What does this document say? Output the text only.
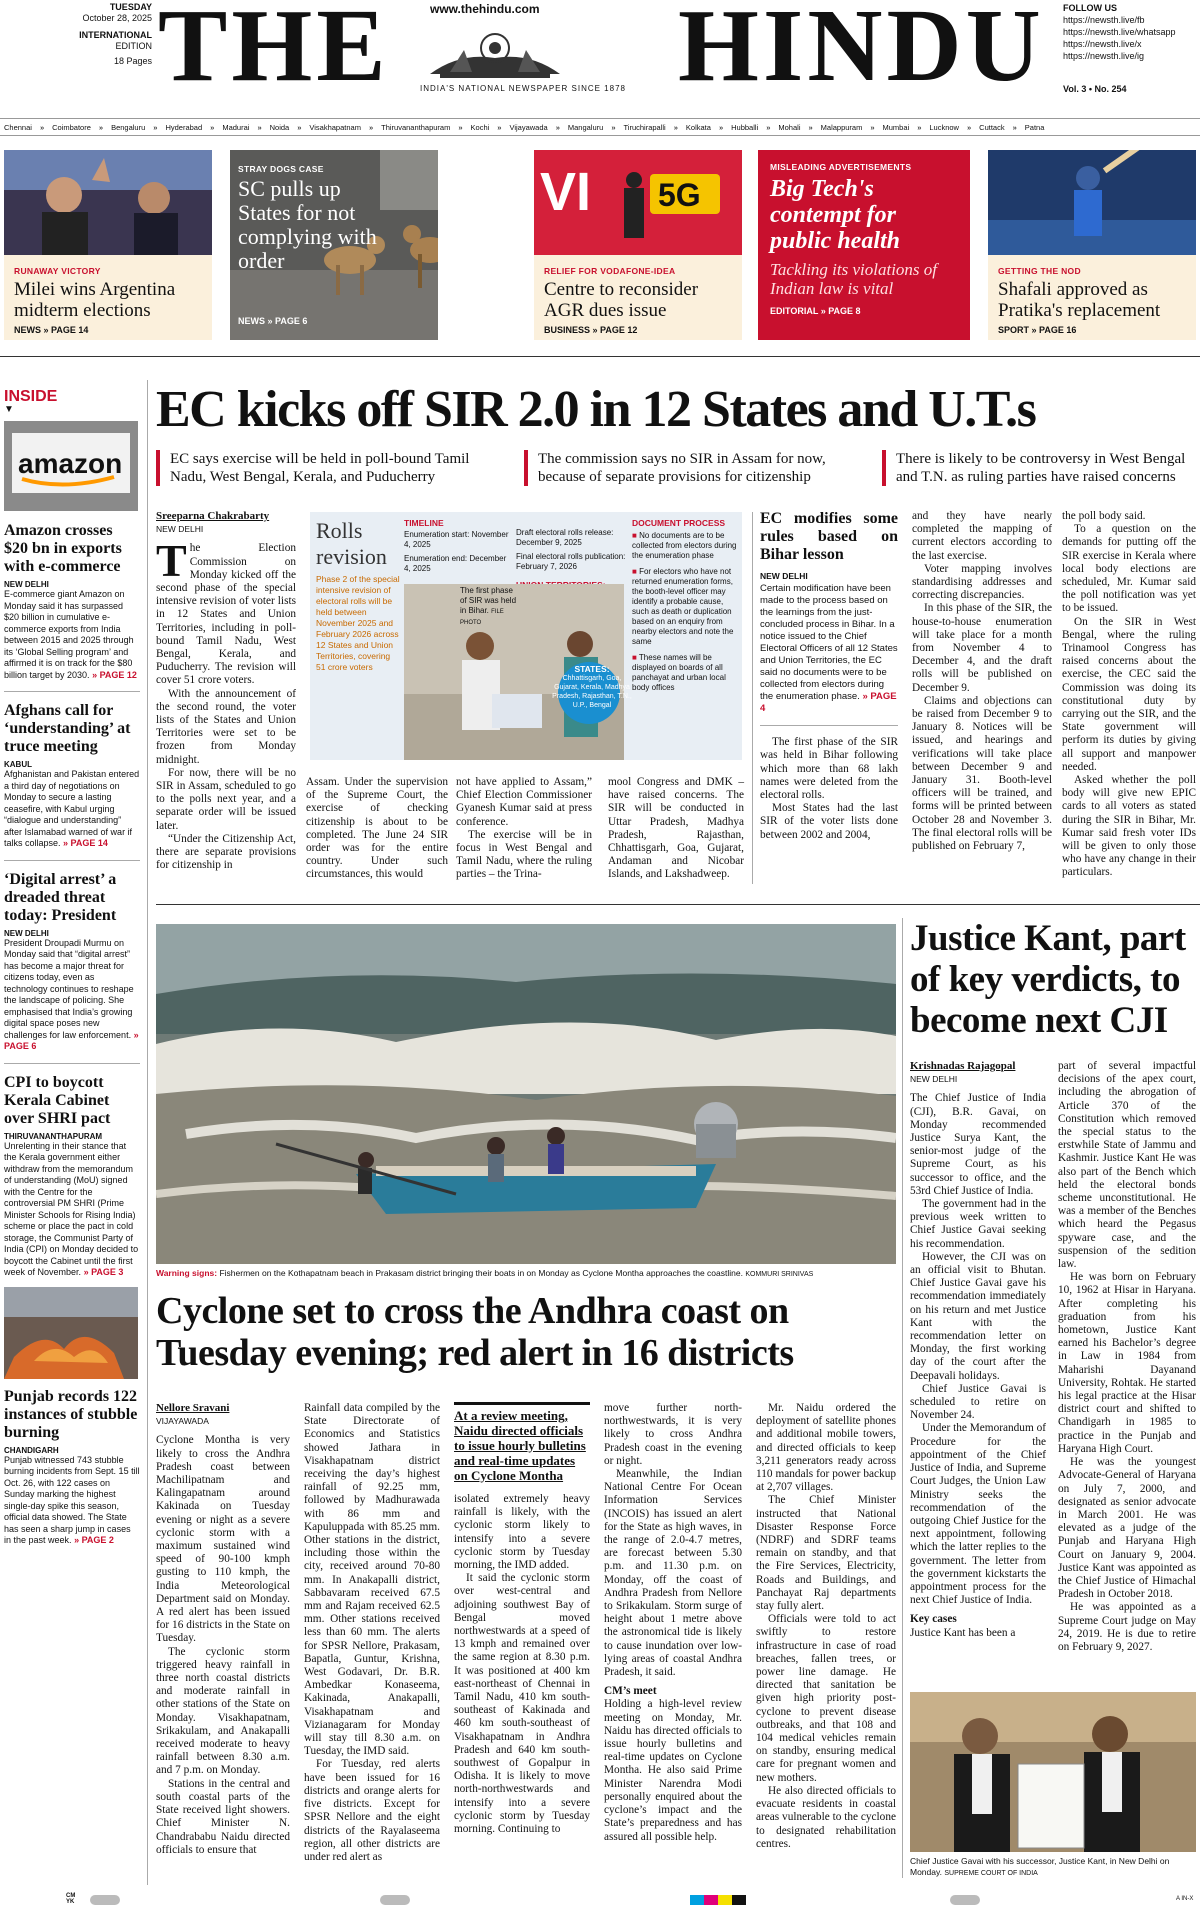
TUESDAY
October 28, 2025
INTERNATIONAL
EDITION
18 Pages THE	HINDU
www.thehindu.com
INDIA'S NATIONAL NEWSPAPER SINCE 1878
FOLLOW US
https://newsth.live/fb
https://newsth.live/whatsapp
https://newsth.live/x
https://newsth.live/ig
Vol. 3 • No. 254
Chennai » Coimbatore » Bengaluru » Hyderabad » Madurai » Noida » Visakhapatnam » Thiruvananthapuram » Kochi » Vijayawada » Mangaluru » Tiruchirapalli » Kolkata » Hubballi » Mohali » Malappuram » Mumbai » Lucknow » Cuttack » Patna
RUNAWAY VICTORY
Milei wins Argentina midterm elections
NEWS » PAGE 14
STRAY DOGS CASE
SC pulls up States for not complying with order
NEWS » PAGE 6
VI 5G
RELIEF FOR VODAFONE-IDEA
Centre to reconsider AGR dues issue
BUSINESS » PAGE 12
MISLEADING ADVERTISEMENTS
Big Tech's contempt for public health
Tackling its violations of Indian law is vital
EDITORIAL » PAGE 8
GETTING THE NOD
Shafali approved as Pratika's replacement
SPORT » PAGE 16
INSIDE
▼
amazon
Amazon crosses $20 bn in exports with e-commerce
NEW DELHI
E-commerce giant Amazon on Monday said it has surpassed $20 billion in cumulative e-commerce exports from India between 2015 and 2025 through its ‘Global Selling program’ and affirmed it is on track for the $80 billion target by 2030. » PAGE 12
Afghans call for ‘understanding’ at truce meeting
KABUL
Afghanistan and Pakistan entered a third day of negotiations on Monday to secure a lasting ceasefire, with Kabul urging “dialogue and understanding” after Islamabad warned of war if talks collapse. » PAGE 14
‘Digital arrest’ a dreaded threat today: President
NEW DELHI
President Droupadi Murmu on Monday said that “digital arrest” has become a major threat for citizens today, even as technology continues to reshape the landscape of policing. She emphasised that India’s growing digital space poses new challenges for law enforcement. » PAGE 6
CPI to boycott Kerala Cabinet over SHRI pact
THIRUVANANTHAPURAM
Unrelenting in their stance that the Kerala government either withdraw from the memorandum of understanding (MoU) signed with the Centre for the controversial PM SHRI (Prime Minister Schools for Rising India) scheme or place the pact in cold storage, the Communist Party of India (CPI) on Monday decided to boycott the Cabinet until the first week of November. » PAGE 3
Punjab records 122 instances of stubble burning
CHANDIGARH
Punjab witnessed 743 stubble burning incidents from Sept. 15 till Oct. 26, with 122 cases on Sunday marking the highest single-day spike this season, official data showed. The State has seen a sharp jump in cases in the past week. » PAGE 2
EC kicks off SIR 2.0 in 12 States and U.T.s
EC says exercise will be held in poll-bound Tamil Nadu, West Bengal, Kerala, and Puducherry
The commission says no SIR in Assam for now, because of separate provisions for citizenship
There is likely to be controversy in West Bengal and T.N. as ruling parties have raised concerns
Sreeparna Chakrabarty
NEW DELHI
The Election Commission on Monday kicked off the second phase of the special intensive revision of voter lists in 12 States and Union Territories, including in poll-bound Tamil Nadu, West Bengal, Kerala, and Puducherry. The revision will cover 51 crore voters.
With the announcement of the second round, the voter lists of the States and Union Territories were set to be frozen from Monday midnight.
For now, there will be no SIR in Assam, scheduled to go to the polls next year, and a separate order will be issued later.
“Under the Citizenship Act, there are separate provisions for citizenship in
Rolls revision
Phase 2 of the special intensive revision of electoral rolls will be held between November 2025 and February 2026 across 12 States and Union Territories, covering 51 crore voters
TIMELINE
Enumeration start: November 4, 2025
Enumeration end: December 4, 2025
Draft electoral rolls release: December 9, 2025
Final electoral rolls publication: February 7, 2026
The first phase of SIR was held in Bihar. FILE PHOTO
STATES:
Chhattisgarh, Goa, Gujarat, Kerala, Madhya Pradesh, Rajasthan, T.N., U.P., Bengal
DOCUMENT PROCESS
■ No documents are to be collected from electors during the enumeration phase
■ For electors who have not returned enumeration forms, the booth-level officer may identify a probable cause, such as death or duplication based on an enquiry from nearby electors and note the same
■ These names will be displayed on boards of all panchayat and urban local body offices
Assam. Under the supervision of the Supreme Court, the exercise of checking citizenship is about to be completed. The June 24 SIR order was for the entire country. Under such circumstances, this would
not have applied to Assam,” Chief Election Commissioner Gyanesh Kumar said at press conference.
The exercise will be in focus in West Bengal and Tamil Nadu, where the ruling parties – the Trina-
mool Congress and DMK – have raised concerns. The SIR will be conducted in Uttar Pradesh, Madhya Pradesh, Rajasthan, Chhattisgarh, Goa, Gujarat, Andaman and Nicobar Islands, and Lakshadweep.
EC modifies some rules based on Bihar lesson
NEW DELHI
Certain modification have been made to the process based on the learnings from the just- concluded process in Bihar. In a notice issued to the Chief Electoral Officers of all 12 States and Union Territories, the EC said no documents were to be collected from electors during the enumeration phase. » PAGE 4
The first phase of the SIR was held in Bihar following which more than 68 lakh names were deleted from the electoral rolls.
Most States had the last SIR of the voter lists done between 2002 and 2004,
and they have nearly completed the mapping of current electors according to the last exercise.
Voter mapping involves standardising addresses and correcting discrepancies.
In this phase of the SIR, the house-to-house enumeration will take place for a month from November 4 to December 4, and the draft rolls will be published on December 9.
Claims and objections can be raised from December 9 to January 8. Notices will be issued, and hearings and verifications will take place between December 9 and January 31. Booth-level officers will be trained, and forms will be printed between October 28 and November 3. The final electoral rolls will be published on February 7,
the poll body said.
To a question on the demands for putting off the SIR exercise in Kerala where local body elections are scheduled, Mr. Kumar said the poll notification was yet to be issued.
On the SIR in West Bengal, where the ruling Trinamool Congress has raised concerns about the exercise, the CEC said the Commission was doing its constitutional duty by carrying out the SIR, and the State government will perform its duties by giving all support and manpower needed.
Asked whether the poll body will give new EPIC cards to all voters as stated during the SIR in Bihar, Mr. Kumar said fresh voter IDs will be given to only those who have any change in their particulars.
Warning signs: Fishermen on the Kothapatnam beach in Prakasam district bringing their boats in on Monday as Cyclone Montha approaches the coastline. KOMMURI SRINIVAS
Cyclone set to cross the Andhra coast on Tuesday evening; red alert in 16 districts
Nellore Sravani
VIJAYAWADA
Cyclone Montha is very likely to cross the Andhra Pradesh coast between Machilipatnam and Kalingapatnam around Kakinada on Tuesday evening or night as a severe cyclonic storm with a maximum sustained wind speed of 90-100 kmph gusting to 110 kmph, the India Meteorological Department said on Monday. A red alert has been issued for 16 districts in the State on Tuesday.
The cyclonic storm triggered heavy rainfall in three north coastal districts and moderate rainfall in other stations of the State on Monday. Visakhapatnam, Srikakulam, and Anakapalli received moderate to heavy rainfall between 8.30 a.m. and 7 p.m. on Monday.
Stations in the central and south coastal parts of the State received light showers. Chief Minister N. Chandrababu Naidu directed officials to ensure that
Rainfall data compiled by the State Directorate of Economics and Statistics showed Jathara in Visakhapatnam district receiving the day’s highest rainfall of 92.25 mm, followed by Madhurawada with 86 mm and Kapuluppada with 85.25 mm. Other stations in the district, including those within the city, received around 70-80 mm. In Anakapalli district, Sabbavaram received 67.5 mm and Rajam received 62.5 mm. Other stations received less than 60 mm. The alerts for SPSR Nellore, Prakasam, Bapatla, Guntur, Krishna, West Godavari, Dr. B.R. Ambedkar Konaseema, Kakinada, Anakapalli, Visakhapatnam and Vizianagaram for Monday will stay till 8.30 a.m. on Tuesday, the IMD said.
For Tuesday, red alerts have been issued for 16 districts and orange alerts for five districts. Except for SPSR Nellore and the eight districts of the Rayalaseema region, all other districts are under red alert as
At a review meeting, Naidu directed officials to issue hourly bulletins and real-time updates on Cyclone Montha
isolated extremely heavy rainfall is likely, with the cyclonic storm likely to intensify into a severe cyclonic storm by Tuesday morning, the IMD added.
It said the cyclonic storm over west-central and adjoining southwest Bay of Bengal moved northwestwards at a speed of 13 kmph and remained over the same region at 8.30 p.m. It was positioned at 400 km east-northeast of Chennai in Tamil Nadu, 410 km south-southeast of Kakinada and 460 km south-southeast of Visakhapatnam in Andhra Pradesh and 640 km south-southwest of Gopalpur in Odisha. It is likely to move north-northwestwards and intensify into a severe cyclonic storm by Tuesday morning. Continuing to
move further north-northwestwards, it is very likely to cross Andhra Pradesh coast in the evening or night.
Meanwhile, the Indian National Centre For Ocean Information Services (INCOIS) has issued an alert for the State as high waves, in the range of 2.0-4.7 metres, are forecast between 5.30 p.m. and 11.30 p.m. on Monday, off the coast of Andhra Pradesh from Nellore to Srikakulam. Storm surge of height about 1 metre above the astronomical tide is likely to cause inundation over low-lying areas of coastal Andhra Pradesh, it said.
CM’s meet
Holding a high-level review meeting on Monday, Mr. Naidu has directed officials to issue hourly bulletins and real-time updates on Cyclone Montha. He also said Prime Minister Narendra Modi personally enquired about the cyclone’s impact and the State’s preparedness and has assured all possible help.
Mr. Naidu ordered the deployment of satellite phones and additional mobile towers, and directed officials to keep 3,211 generators ready across 110 mandals for power backup at 2,707 villages.
The Chief Minister instructed that National Disaster Response Force (NDRF) and SDRF teams remain on standby, and that the Fire Services, Electricity, Roads and Buildings, and Panchayat Raj departments stay fully alert.
Officials were told to act swiftly to restore infrastructure in case of road breaches, fallen trees, or power line damage. He directed that sanitation be given high priority post-cyclone to prevent disease outbreaks, and that 108 and 104 medical vehicles remain on standby, ensuring medical care for pregnant women and new mothers.
He also directed officials to evacuate residents in coastal areas vulnerable to the cyclone to designated rehabilitation centres.
Justice Kant, part of key verdicts, to become next CJI
Krishnadas Rajagopal
NEW DELHI
The Chief Justice of India (CJI), B.R. Gavai, on Monday recommended Justice Surya Kant, the senior-most judge of the Supreme Court, as his successor to office, and the 53rd Chief Justice of India.
The government had in the previous week written to Chief Justice Gavai seeking his recommendation.
However, the CJI was on an official visit to Bhutan. Chief Justice Gavai gave his recommendation immediately on his return and met Justice Kant with the recommendation letter on Monday, the first working day of the court after the Deepavali holidays.
Chief Justice Gavai is scheduled to retire on November 24.
Under the Memorandum of Procedure for the appointment of the Chief Justice of India, and Supreme Court Judges, the Union Law Ministry seeks the recommendation of the outgoing Chief Justice for the next appointment, following which the latter replies to the government. The letter from the government kickstarts the appointment process for the next Chief Justice of India.
Key cases
Justice Kant has been a
part of several impactful decisions of the apex court, including the abrogation of Article 370 of the Constitution which removed the special status to the erstwhile State of Jammu and Kashmir. Justice Kant He was also part of the Bench which held the electoral bonds scheme unconstitutional. He was a member of the Benches which heard the Pegasus spyware case, and the suspension of the sedition law.
He was born on February 10, 1962 at Hisar in Haryana. After completing his graduation from his hometown, Justice Kant earned his Bachelor’s degree in Law in 1984 from Maharishi Dayanand University, Rohtak. He started his legal practice at the Hisar district court and shifted to Chandigarh in 1985 to practice in the Punjab and Haryana High Court.
He was the youngest Advocate-General of Haryana on July 7, 2000, and designated as senior advocate in March 2001. He was elevated as a judge of the Punjab and Haryana High Court on January 9, 2004. Justice Kant was appointed as the Chief Justice of Himachal Pradesh in October 2018.
He was appointed as a Supreme Court judge on May 24, 2019. He is due to retire on February 9, 2027.
Chief Justice Gavai with his successor, Justice Kant, in New Delhi on Monday. SUPREME COURT OF INDIA
CM YK	A IN-X
